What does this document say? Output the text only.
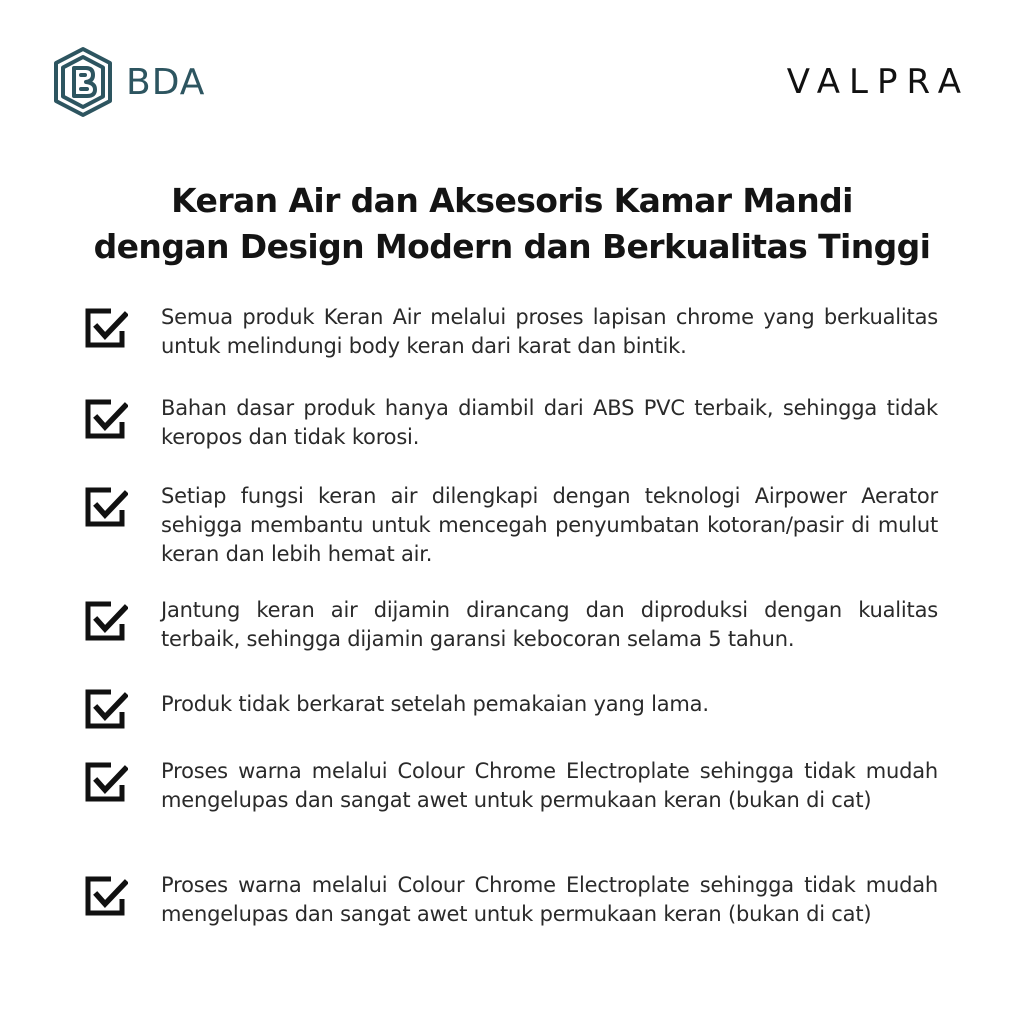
BDA	VALPRA
Keran Air dan Aksesoris Kamar Mandi
dengan Design Modern dan Berkualitas Tinggi
Semua produk Keran Air melalui proses lapisan chrome yang berkualitas untuk melindungi body keran dari karat dan bintik.
Bahan dasar produk hanya diambil dari ABS PVC terbaik, sehingga tidak keropos dan tidak korosi.
Setiap fungsi keran air dilengkapi dengan teknologi Airpower Aerator sehigga membantu untuk mencegah penyumbatan kotoran/pasir di mulut keran dan lebih hemat air.
Jantung keran air dijamin dirancang dan diproduksi dengan kualitas terbaik, sehingga dijamin garansi kebocoran selama 5 tahun.
Produk tidak berkarat setelah pemakaian yang lama.
Proses warna melalui Colour Chrome Electroplate sehingga tidak mudah mengelupas dan sangat awet untuk permukaan keran (bukan di cat)
Proses warna melalui Colour Chrome Electroplate sehingga tidak mudah mengelupas dan sangat awet untuk permukaan keran (bukan di cat)
